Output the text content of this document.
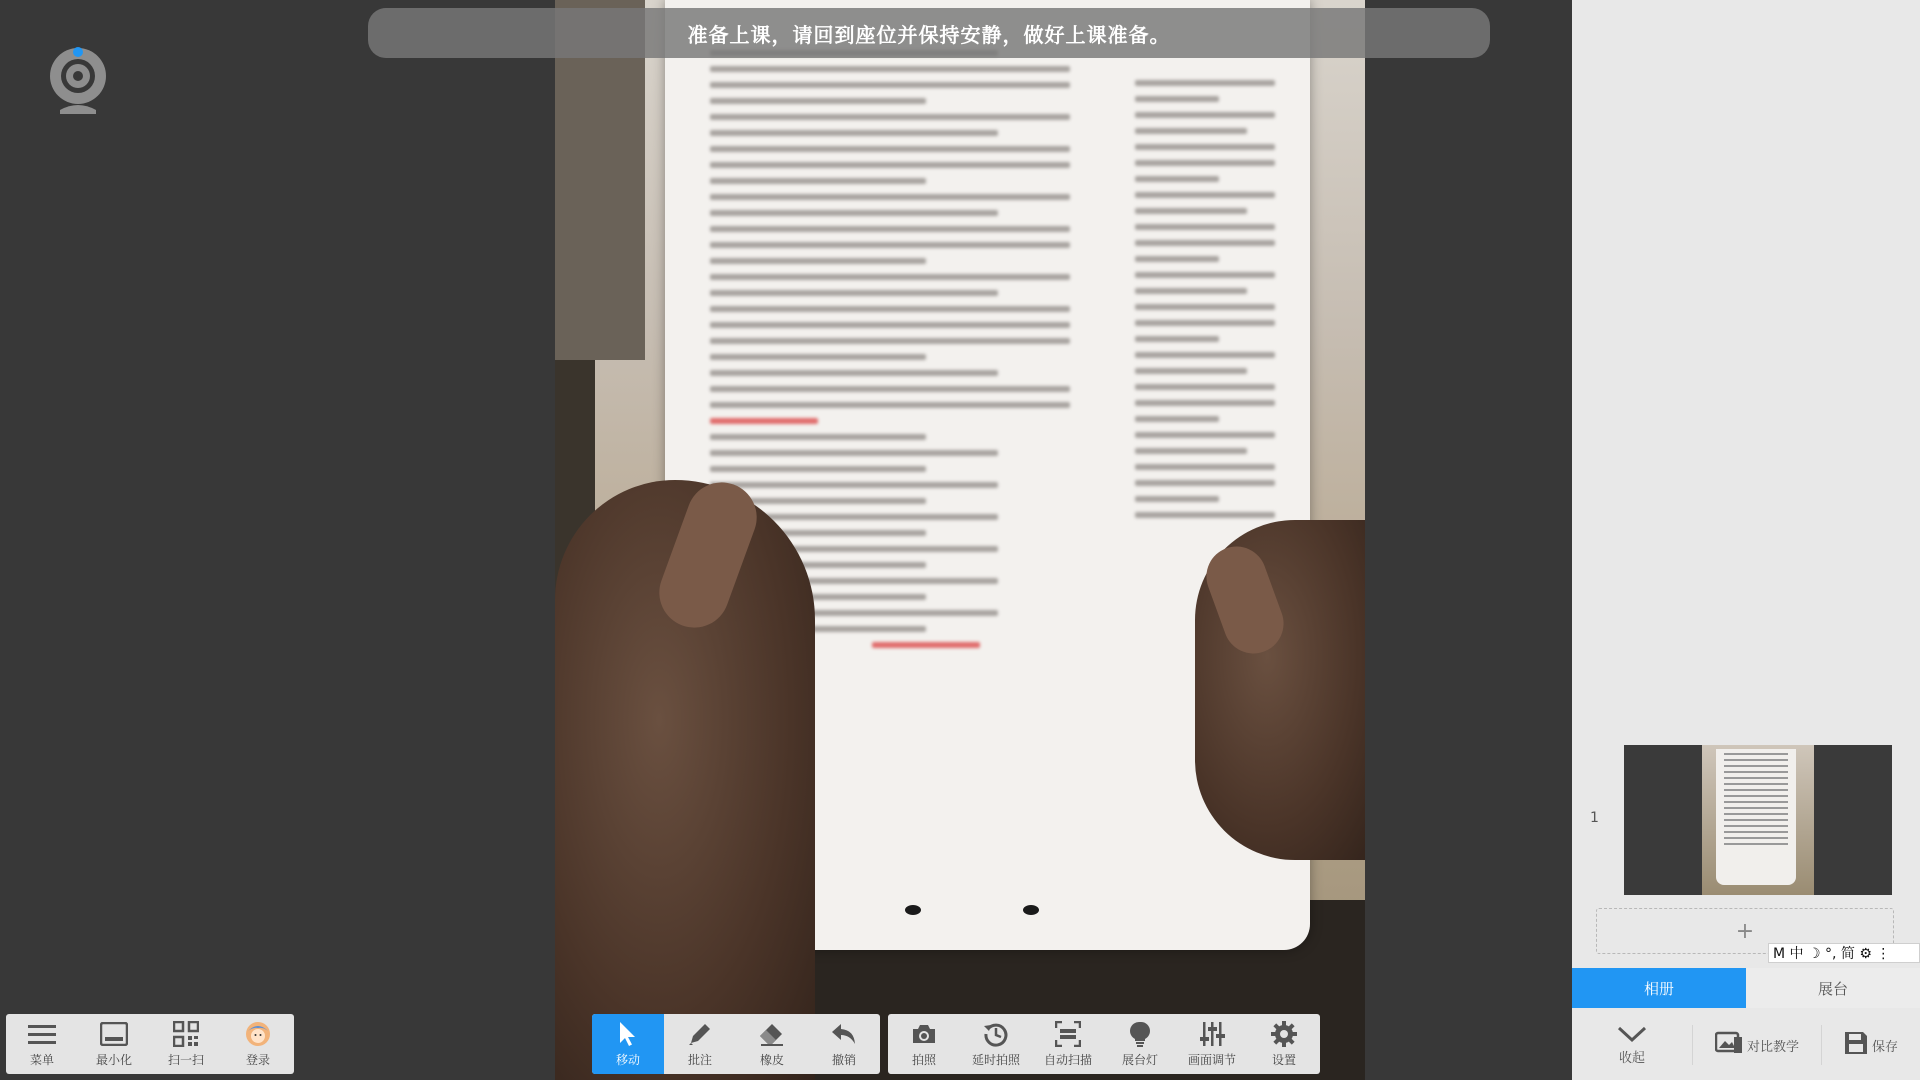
准备上课，请回到座位并保持安静，做好上课准备。
菜单	最小化	扫一扫	登录	移动	批注	橡皮	撤销	拍照	延时拍照 自动扫描 展台灯 画面调节	设置
1
+
M 中 ☽ °, 简 ⚙ ⋮
相册	展台
收起
对比教学	保存
